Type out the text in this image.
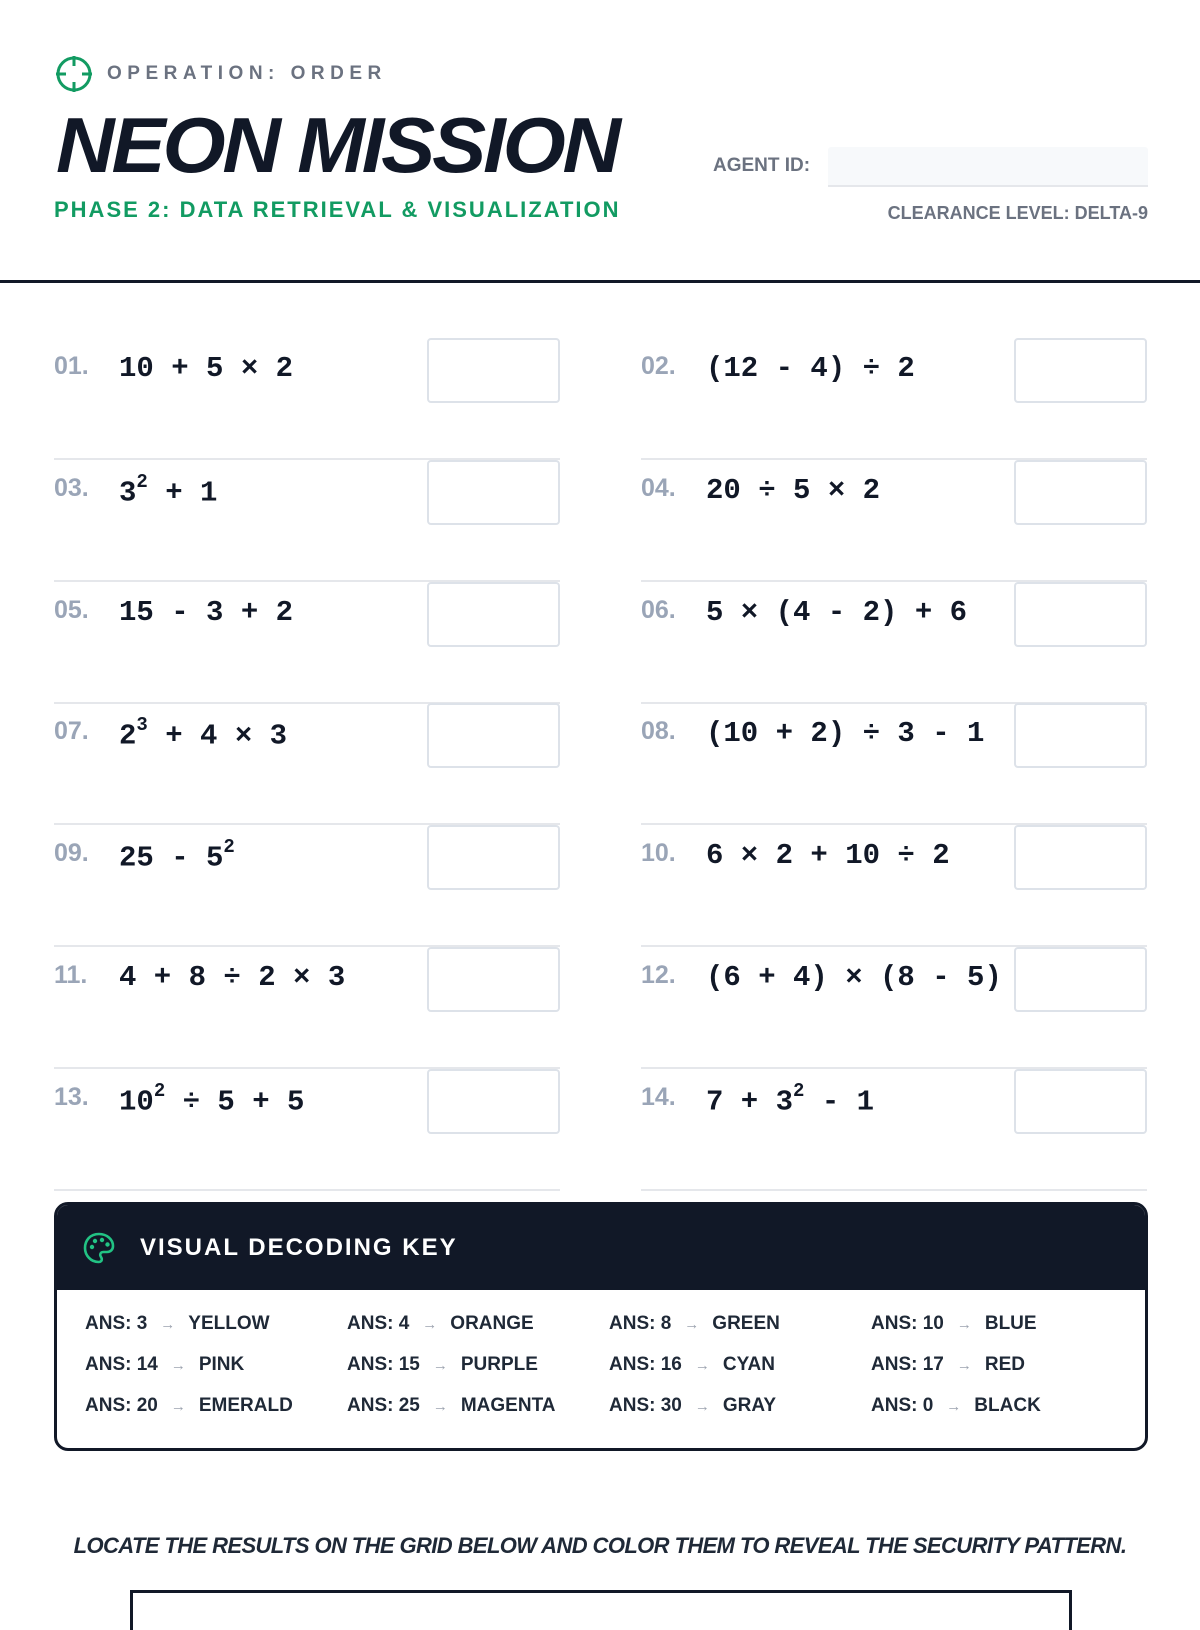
OPERATION: ORDER
NEON MISSION
PHASE 2: DATA RETRIEVAL & VISUALIZATION
AGENT ID:
CLEARANCE LEVEL: DELTA-9
01. 10 + 5 × 2	02. (12 - 4) ÷ 2
03. $3^2 + 1$	04. 20 ÷ 5 × 2
05. 15 - 3 + 2	06. 5 × (4 - 2) + 6
07. $2^3 + 4 \times 3$	08. (10 + 2) ÷ 3 - 1
09. $25 - 5^2$	10. 6 × 2 + 10 ÷ 2
11. 4 + 8 ÷ 2 × 3	12. (6 + 4) × (8 - 5)
13. $10^2 \div 5 + 5$	14. $7 + 3^2 - 1$
VISUAL DECODING KEY
ANS: 3 → YELLOW	ANS: 4 → ORANGE	ANS: 8 → GREEN	ANS: 10 → BLUE
ANS: 14 → PINK	ANS: 15 → PURPLE	ANS: 16 → CYAN	ANS: 17 → RED
ANS: 20 → EMERALD	ANS: 25 → MAGENTA	ANS: 30 → GRAY	ANS: 0 → BLACK
LOCATE THE RESULTS ON THE GRID BELOW AND COLOR THEM TO REVEAL THE SECURITY PATTERN.
